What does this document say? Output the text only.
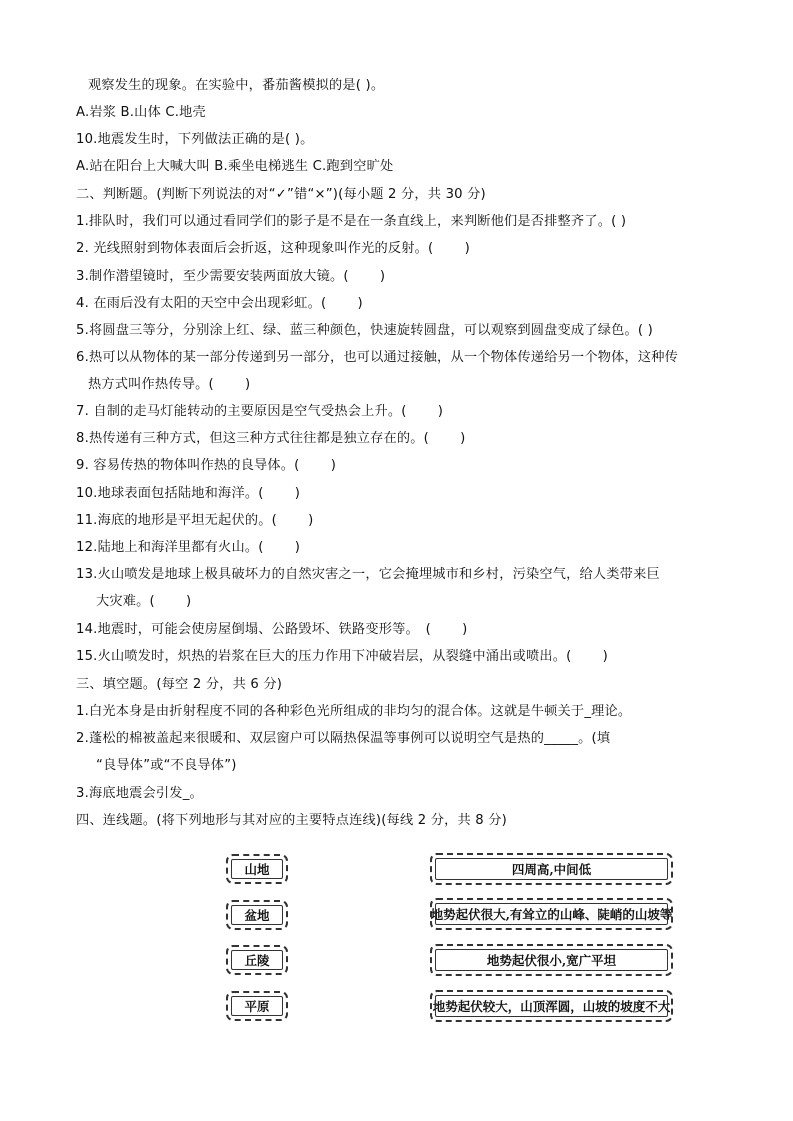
观察发生的现象。在实验中，番茄酱模拟的是( )。
A.岩浆 B.山体 C.地壳
10.地震发生时，下列做法正确的是( )。
A.站在阳台上大喊大叫 B.乘坐电梯逃生 C.跑到空旷处
二、判断题。(判断下列说法的对“✓”错“×”)(每小题 2 分，共 30 分)
1.排队时，我们可以通过看同学们的影子是不是在一条直线上，来判断他们是否排整齐了。( )
2. 光线照射到物体表面后会折返，这种现象叫作光的反射。(　　 )
3.制作潜望镜时，至少需要安装两面放大镜。(　　 )
4. 在雨后没有太阳的天空中会出现彩虹。(　　 )
5.将圆盘三等分，分别涂上红、绿、蓝三种颜色，快速旋转圆盘，可以观察到圆盘变成了绿色。( )
6.热可以从物体的某一部分传递到另一部分，也可以通过接触，从一个物体传递给另一个物体，这种传
热方式叫作热传导。(　　 )
7. 自制的走马灯能转动的主要原因是空气受热会上升。(　　 )
8.热传递有三种方式，但这三种方式往往都是独立存在的。(　　 )
9. 容易传热的物体叫作热的良导体。(　　 )
10.地球表面包括陆地和海洋。(　　 )
11.海底的地形是平坦无起伏的。(　　 )
12.陆地上和海洋里都有火山。(　　 )
13.火山喷发是地球上极具破坏力的自然灾害之一，它会掩埋城市和乡村，污染空气，给人类带来巨
大灾难。(　　 )
14.地震时，可能会使房屋倒塌、公路毁坏、铁路变形等。　(　　 )
15.火山喷发时，炽热的岩浆在巨大的压力作用下冲破岩层，从裂缝中涌出或喷出。(　　 )
三、填空题。(每空 2 分，共 6 分)
1.白光本身是由折射程度不同的各种彩色光所组成的非均匀的混合体。这就是牛顿关于_理论。
2.蓬松的棉被盖起来很暖和、双层窗户可以隔热保温等事例可以说明空气是热的_____。(填
“良导体”或“不良导体”)
3.海底地震会引发_。
四、连线题。(将下列地形与其对应的主要特点连线)(每线 2 分，共 8 分)
山地
盆地
丘陵
平原
四周高,中间低
地势起伏很大,有耸立的山峰、陡峭的山坡等
地势起伏很小,宽广平坦
地势起伏较大，山顶浑圆，山坡的坡度不大
